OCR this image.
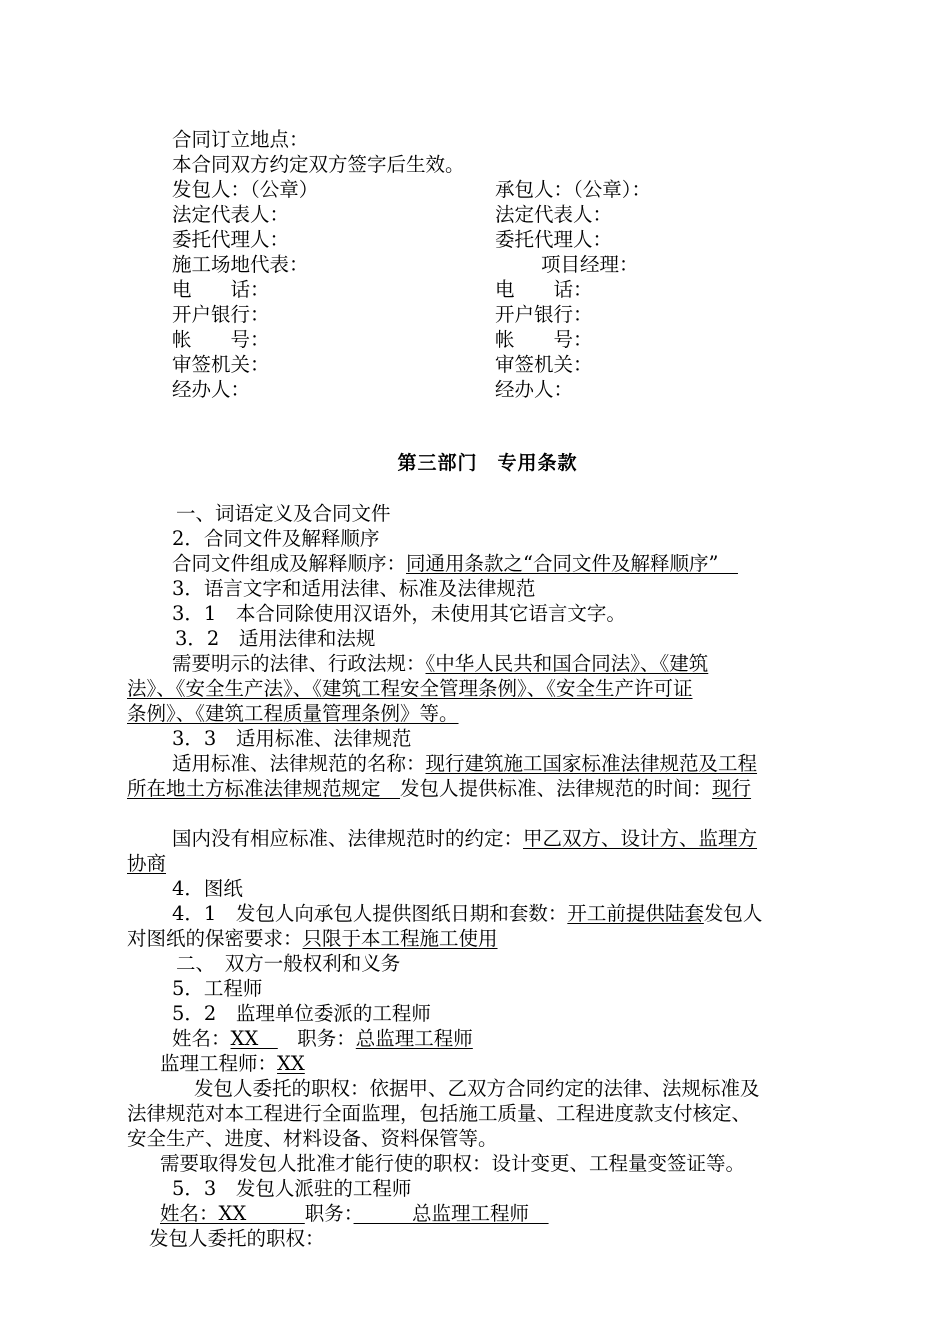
合同订立地点：
本合同双方约定双方签字后生效。
发包人：（公章）
法定代表人：
委托代理人：
施工场地代表：
电　　话：
开户银行：
帐　　号：
审签机关：
经办人：
承包人：（公章）：
法定代表人：
委托代理人：
项目经理：
电　　话：
开户银行：
帐　　号：
审签机关：
经办人：
第三部门　专用条款
一、词语定义及合同文件
2．合同文件及解释顺序
合同文件组成及解释顺序：同通用条款之“合同文件及解释顺序”　
3．语言文字和适用法律、标准及法律规范
3．1　本合同除使用汉语外，未使用其它语言文字。
3．2　适用法律和法规
需要明示的法律、行政法规：《中华人民共和国合同法》、《建筑
法》、《安全生产法》、《建筑工程安全管理条例》、《安全生产许可证
条例》、《建筑工程质量管理条例》等。
3．3　适用标准、法律规范
适用标准、法律规范的名称：现行建筑施工国家标准法律规范及工程
所在地土方标准法律规范规定　发包人提供标准、法律规范的时间：现行
国内没有相应标准、法律规范时的约定：甲乙双方、设计方、监理方
协商
4．图纸
4．1　发包人向承包人提供图纸日期和套数：开工前提供陆套发包人
对图纸的保密要求：只限于本工程施工使用
二、　双方一般权利和义务
5．工程师
5．2　监理单位委派的工程师
姓名：XX　　职务：总监理工程师
监理工程师：XX
发包人委托的职权：依据甲、乙双方合同约定的法律、法规标准及
法律规范对本工程进行全面监理，包括施工质量、工程进度款支付核定、
安全生产、进度、材料设备、资料保管等。
需要取得发包人批准才能行使的职权：设计变更、工程量变签证等。
5．3　发包人派驻的工程师
姓名：XX　　　职务：　　　总监理工程师　
发包人委托的职权：
